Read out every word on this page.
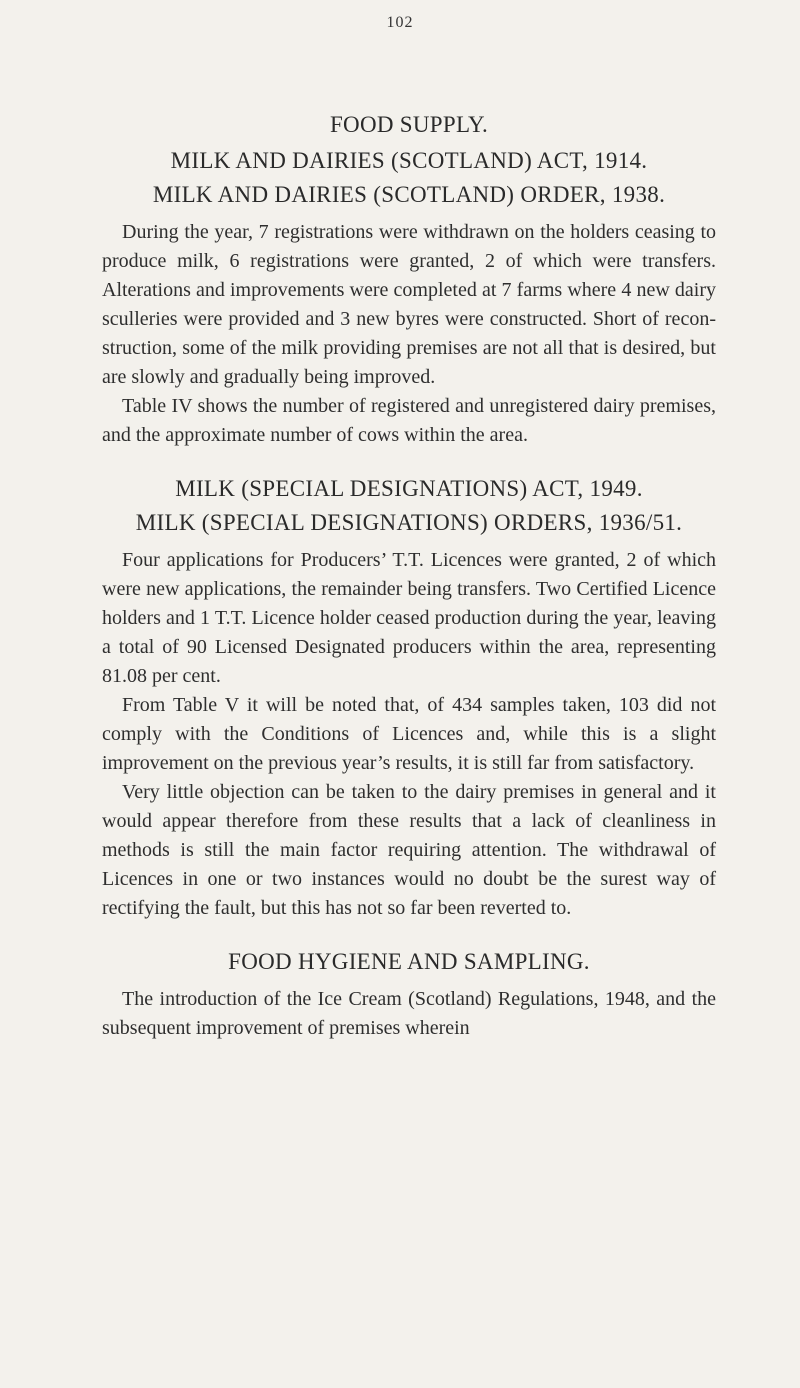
102
FOOD SUPPLY.
MILK AND DAIRIES (SCOTLAND) ACT, 1914.
MILK AND DAIRIES (SCOTLAND) ORDER, 1938.

During the year, 7 registrations were withdrawn on the holders ceasing to produce milk, 6 registrations were granted, 2 of which were transfers. Alterations and improvements were completed at 7 farms where 4 new dairy sculleries were provided and 3 new byres were constructed. Short of reconstruction, some of the milk providing premises are not all that is desired, but are slowly and gradually being improved.

Table IV shows the number of registered and unregistered dairy premises, and the approximate number of cows within the area.

MILK (SPECIAL DESIGNATIONS) ACT, 1949.
MILK (SPECIAL DESIGNATIONS) ORDERS, 1936/51.

Four applications for Producers’ T.T. Licences were granted, 2 of which were new applications, the remainder being transfers. Two Certified Licence holders and 1 T.T. Licence holder ceased production during the year, leaving a total of 90 Licensed Designated producers within the area, representing 81.08 per cent.

From Table V it will be noted that, of 434 samples taken, 103 did not comply with the Conditions of Licences and, while this is a slight improvement on the previous year’s results, it is still far from satisfactory.

Very little objection can be taken to the dairy premises in general and it would appear therefore from these results that a lack of cleanliness in methods is still the main factor requiring attention. The withdrawal of Licences in one or two instances would no doubt be the surest way of rectifying the fault, but this has not so far been reverted to.

FOOD HYGIENE AND SAMPLING.

The introduction of the Ice Cream (Scotland) Regulations, 1948, and the subsequent improvement of premises wherein
